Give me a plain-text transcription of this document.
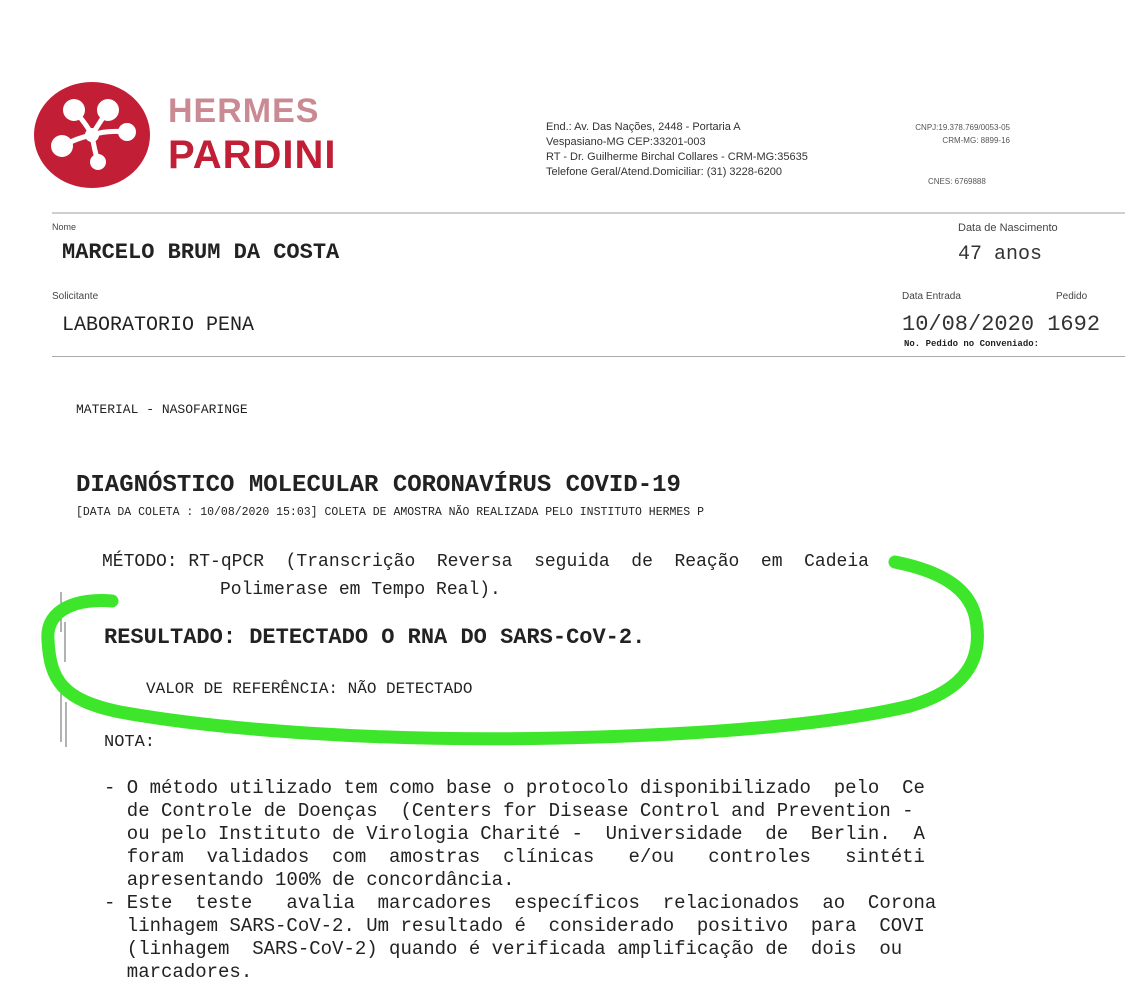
HERMES
PARDINI
End.: Av. Das Nações, 2448 - Portaria A
Vespasiano-MG CEP:33201-003
RT - Dr. Guilherme Birchal Collares - CRM-MG:35635
Telefone Geral/Atend.Domiciliar: (31) 3228-6200
CNPJ:19.378.769/0053-05
CRM-MG: 8899-16
CNES: 6769888
Nome
MARCELO BRUM DA COSTA
Data de Nascimento
47 anos
Solicitante
LABORATORIO PENA
Data Entrada	Pedido
10/08/2020 1692
No. Pedido no Conveniado:
MATERIAL - NASOFARINGE
DIAGNÓSTICO MOLECULAR CORONAVÍRUS COVID-19
[DATA DA COLETA : 10/08/2020 15:03] COLETA DE AMOSTRA NÃO REALIZADA PELO INSTITUTO HERMES P
MÉTODO: RT-qPCR  (Transcrição  Reversa  seguida  de  Reação  em  Cadeia
Polimerase em Tempo Real).
RESULTADO: DETECTADO O RNA DO SARS-CoV-2.
VALOR DE REFERÊNCIA: NÃO DETECTADO
NOTA:

- O método utilizado tem como base o protocolo disponibilizado  pelo  Ce
de Controle de Doenças  (Centers for Disease Control and Prevention -
ou pelo Instituto de Virologia Charité -  Universidade  de  Berlin.  A
foram  validados  com  amostras  clínicas   e/ou   controles   sintéti
apresentando 100% de concordância.
- Este  teste   avalia  marcadores  específicos  relacionados  ao  Corona
linhagem SARS-CoV-2. Um resultado é  considerado  positivo  para  COVI
(linhagem  SARS-CoV-2) quando é verificada amplificação de  dois  ou
marcadores.
